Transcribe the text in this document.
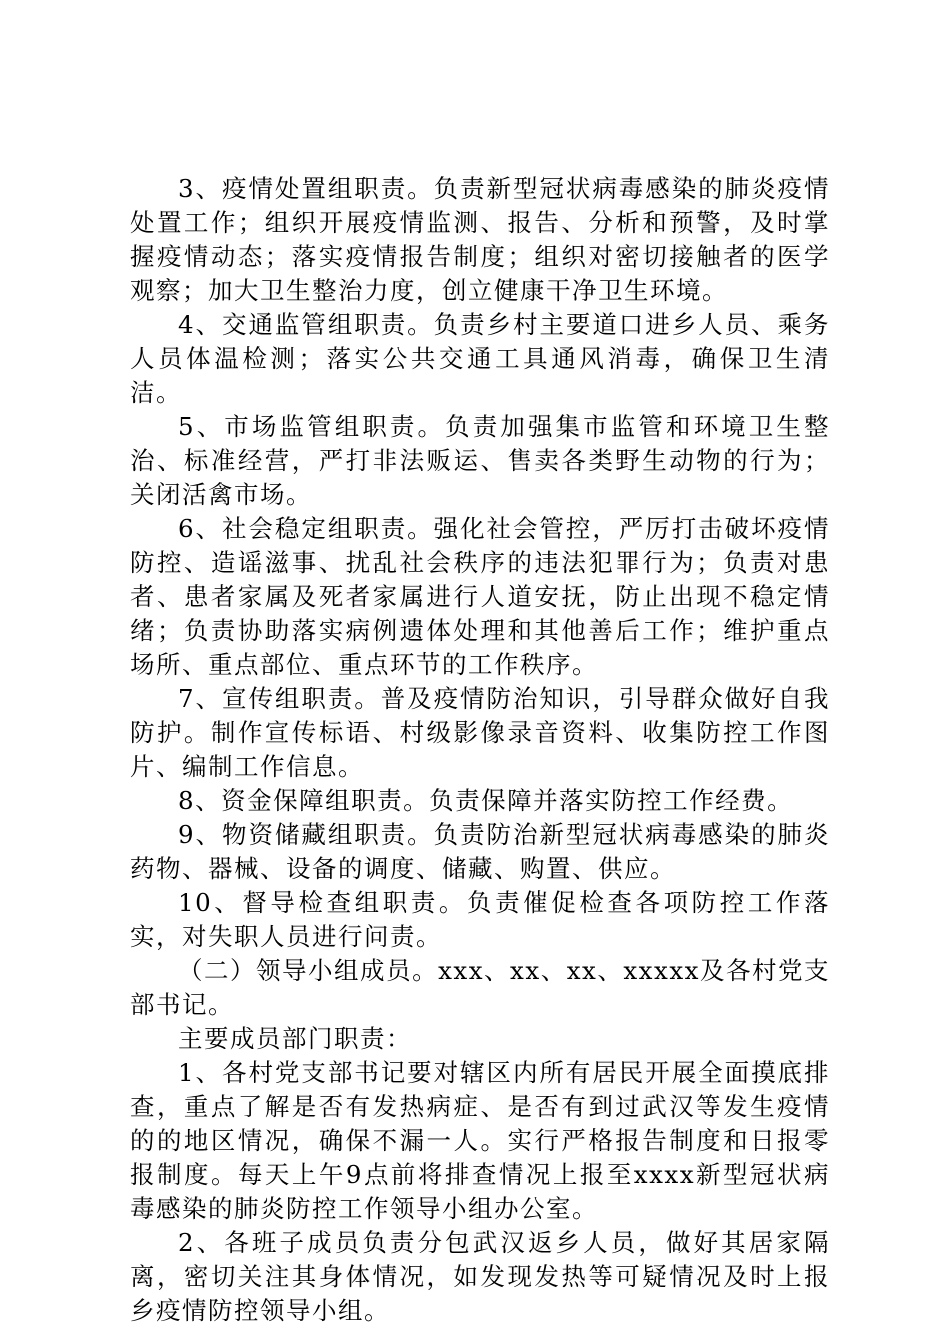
3、疫情处置组职责。负责新型冠状病毒感染的肺炎疫情处置工作；组织开展疫情监测、报告、分析和预警，及时掌握疫情动态；落实疫情报告制度；组织对密切接触者的医学观察；加大卫生整治力度，创立健康干净卫生环境。

4、交通监管组职责。负责乡村主要道口进乡人员、乘务人员体温检测；落实公共交通工具通风消毒，确保卫生清洁。

5、市场监管组职责。负责加强集市监管和环境卫生整治、标准经营，严打非法贩运、售卖各类野生动物的行为；关闭活禽市场。

6、社会稳定组职责。强化社会管控，严厉打击破坏疫情防控、造谣滋事、扰乱社会秩序的违法犯罪行为；负责对患者、患者家属及死者家属进行人道安抚，防止出现不稳定情绪；负责协助落实病例遗体处理和其他善后工作；维护重点场所、重点部位、重点环节的工作秩序。

7、宣传组职责。普及疫情防治知识，引导群众做好自我防护。制作宣传标语、村级影像录音资料、收集防控工作图片、编制工作信息。

8、资金保障组职责。负责保障并落实防控工作经费。

9、物资储藏组职责。负责防治新型冠状病毒感染的肺炎药物、器械、设备的调度、储藏、购置、供应。

10、督导检查组职责。负责催促检查各项防控工作落实，对失职人员进行问责。

（二）领导小组成员。xxx、xx、xx、xxxxx及各村党支部书记。

主要成员部门职责：

1、各村党支部书记要对辖区内所有居民开展全面摸底排查，重点了解是否有发热病症、是否有到过武汉等发生疫情的的地区情况，确保不漏一人。实行严格报告制度和日报零报制度。每天上午9点前将排查情况上报至xxxx新型冠状病毒感染的肺炎防控工作领导小组办公室。

2、各班子成员负责分包武汉返乡人员，做好其居家隔离，密切关注其身体情况，如发现发热等可疑情况及时上报乡疫情防控领导小组。
